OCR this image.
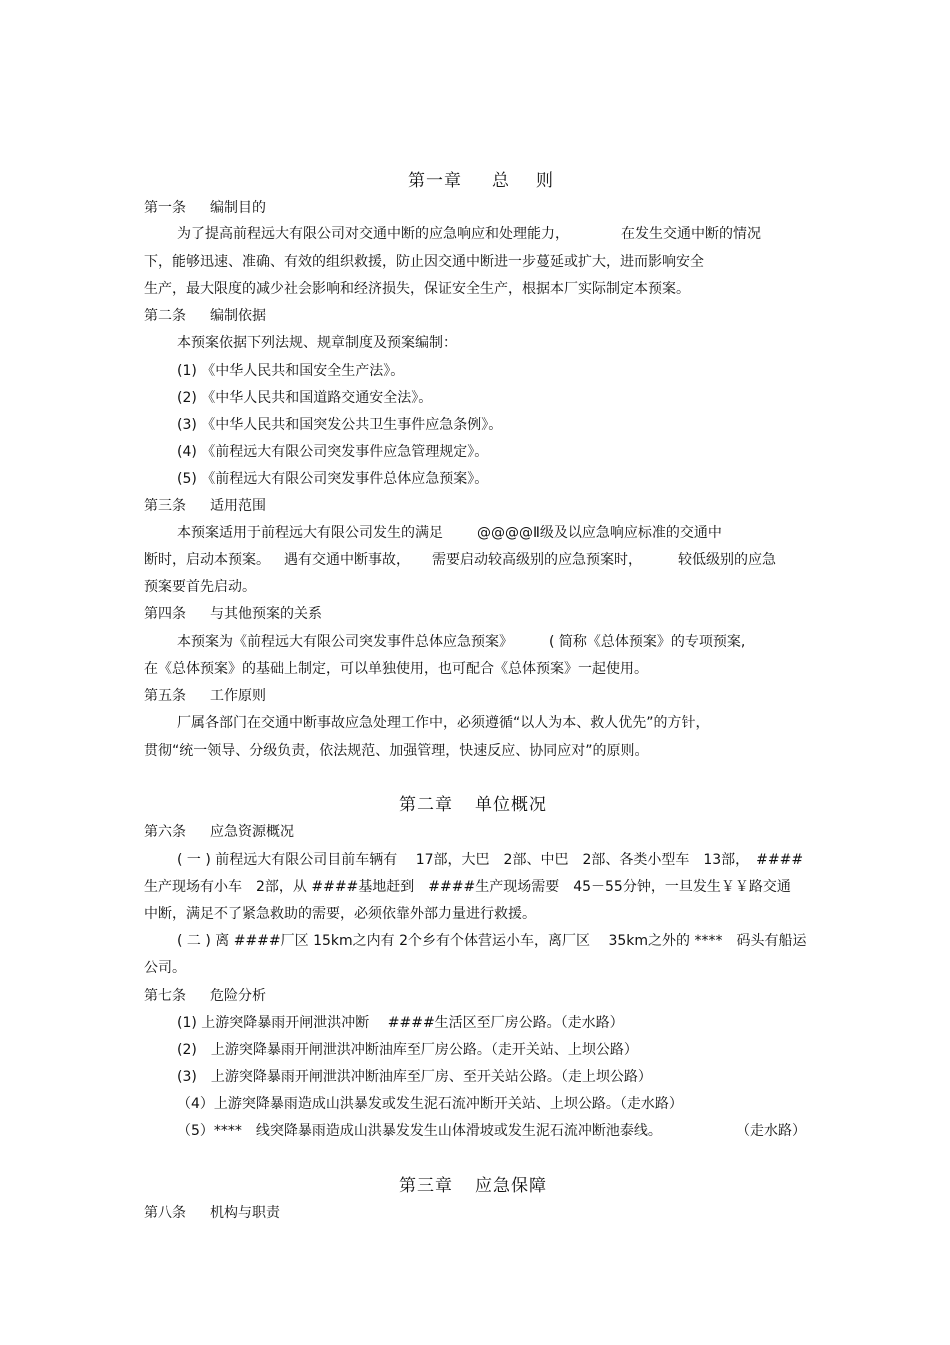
第一章 总 则
第一条 编制目的
为了提高前程远大有限公司对交通中断的应急响应和处理能力，	在发生交通中断的情况
下，能够迅速、准确、有效的组织救援，防止因交通中断进一步蔓延或扩大，进而影响安全
生产，最大限度的减少社会影响和经济损失，保证安全生产，根据本厂实际制定本预案。
第二条 编制依据
本预案依据下列法规、规章制度及预案编制：
(1) 《中华人民共和国安全生产法》。
(2) 《中华人民共和国道路交通安全法》。
(3) 《中华人民共和国突发公共卫生事件应急条例》。
(4) 《前程远大有限公司突发事件应急管理规定》。
(5) 《前程远大有限公司突发事件总体应急预案》。
第三条 适用范围
本预案适用于前程远大有限公司发生的满足 @@@@Ⅱ级及以应急响应标准的交通中
断时，启动本预案。 遇有交通中断事故， 需要启动较高级别的应急预案时，	较低级别的应急
预案要首先启动。
第四条 与其他预案的关系
本预案为《前程远大有限公司突发事件总体应急预案》	( 简称《总体预案》的专项预案,
在《总体预案》的基础上制定，可以单独使用，也可配合《总体预案》一起使用。
第五条 工作原则
厂属各部门在交通中断事故应急处理工作中，必须遵循“以人为本、救人优先”的方针，
贯彻“统一领导、分级负责，依法规范、加强管理，快速反应、协同应对”的原则。
第二章 单位概况
第六条 应急资源概况
( 一 ) 前程远大有限公司目前车辆有　 17部，大巴　2部、中巴　2部、各类小型车　13部，　####
生产现场有小车　2部，从 ####基地赶到　####生产现场需要　45－55分钟，一旦发生￥￥路交通
中断，满足不了紧急救助的需要，必须依靠外部力量进行救援。
( 二 ) 离 ####厂区 15km之内有 2个乡有个体营运小车，离厂区　 35km之外的 ****　码头有船运
公司。
第七条 危险分析
(1) 上游突降暴雨开闸泄洪冲断　 ####生活区至厂房公路。（走水路）
(2)　 上游突降暴雨开闸泄洪冲断油库至厂房公路。（走开关站、上坝公路）
(3)　 上游突降暴雨开闸泄洪冲断油库至厂房、至开关站公路。（走上坝公路）
（4）上游突降暴雨造成山洪暴发或发生泥石流冲断开关站、上坝公路。（走水路）
（5）****　线突降暴雨造成山洪暴发发生山体滑坡或发生泥石流冲断池泰线。	（走水路）
第三章 应急保障
第八条 机构与职责
